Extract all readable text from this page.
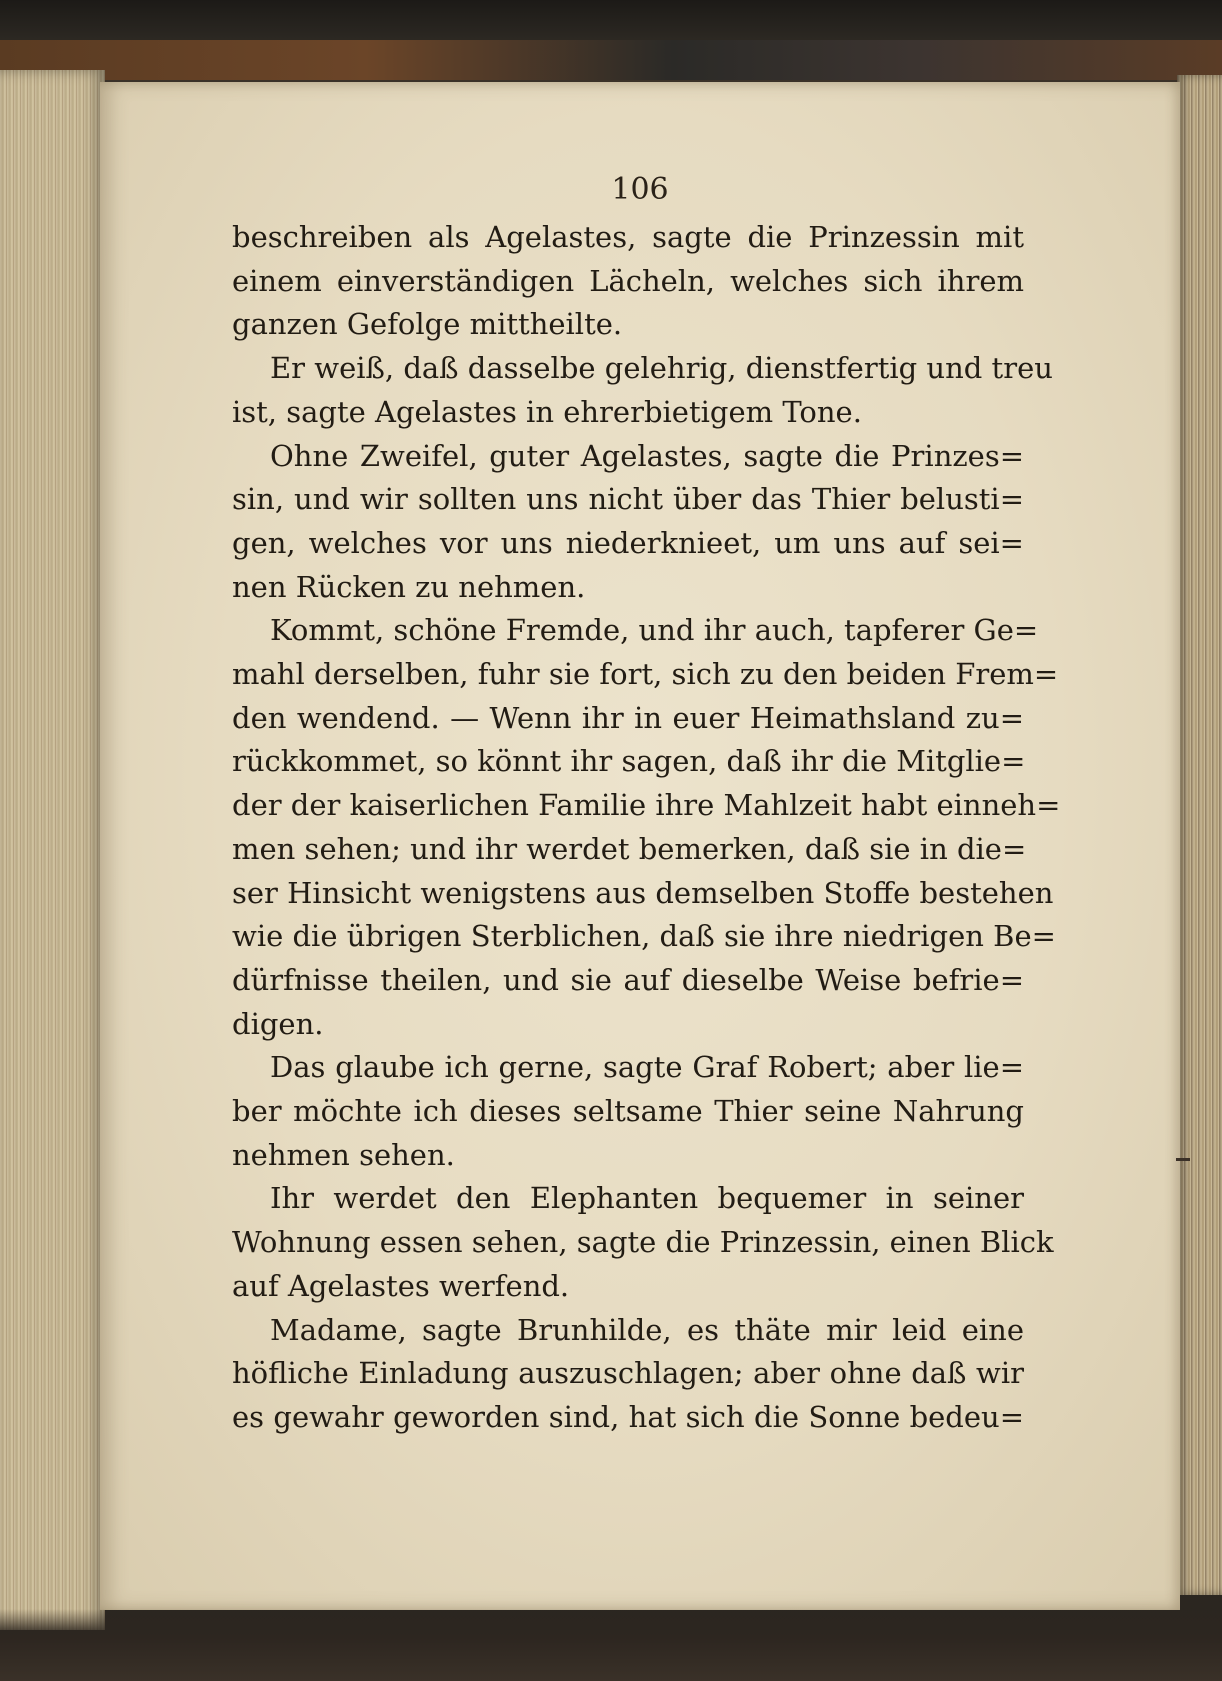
106
beschreiben als Agelastes, sagte die Prinzessin mit
einem einverständigen Lächeln, welches sich ihrem
ganzen Gefolge mittheilte.
Er weiß, daß dasselbe gelehrig, dienstfertig und treu
ist, sagte Agelastes in ehrerbietigem Tone.
Ohne Zweifel, guter Agelastes, sagte die Prinzes=
sin, und wir sollten uns nicht über das Thier belusti=
gen, welches vor uns niederknieet, um uns auf sei=
nen Rücken zu nehmen.
Kommt, schöne Fremde, und ihr auch, tapferer Ge=
mahl derselben, fuhr sie fort, sich zu den beiden Frem=
den wendend. — Wenn ihr in euer Heimathsland zu=
rückkommet, so könnt ihr sagen, daß ihr die Mitglie=
der der kaiserlichen Familie ihre Mahlzeit habt einneh=
men sehen; und ihr werdet bemerken, daß sie in die=
ser Hinsicht wenigstens aus demselben Stoffe bestehen
wie die übrigen Sterblichen, daß sie ihre niedrigen Be=
dürfnisse theilen, und sie auf dieselbe Weise befrie=
digen.
Das glaube ich gerne, sagte Graf Robert; aber lie=
ber möchte ich dieses seltsame Thier seine Nahrung
nehmen sehen.
Ihr werdet den Elephanten bequemer in seiner
Wohnung essen sehen, sagte die Prinzessin, einen Blick
auf Agelastes werfend.
Madame, sagte Brunhilde, es thäte mir leid eine
höfliche Einladung auszuschlagen; aber ohne daß wir
es gewahr geworden sind, hat sich die Sonne bedeu=
